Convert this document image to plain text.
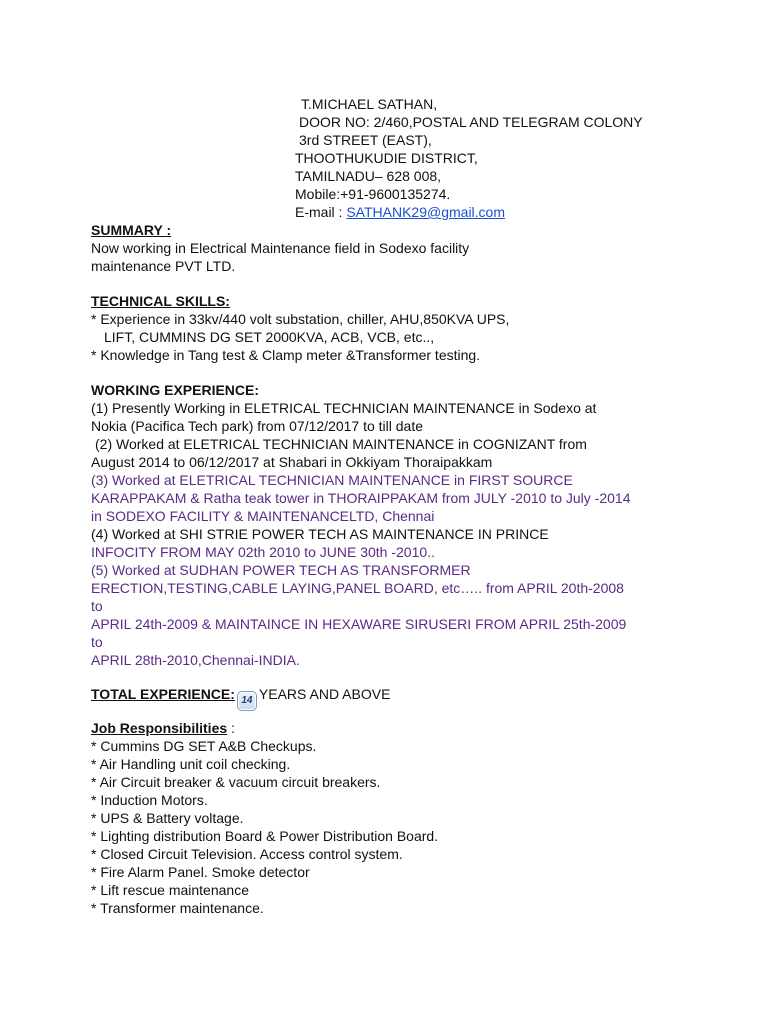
T.MICHAEL SATHAN,
DOOR NO: 2/460,POSTAL AND TELEGRAM COLONY
3rd STREET (EAST),
THOOTHUKUDIE DISTRICT,
TAMILNADU– 628 008,
Mobile:+91-9600135274.
E-mail : SATHANK29@gmail.com
SUMMARY :
Now working in Electrical Maintenance field in Sodexo facility
maintenance PVT LTD.
TECHNICAL SKILLS:
* Experience in 33kv/440 volt substation, chiller, AHU,850KVA UPS,
LIFT, CUMMINS DG SET 2000KVA, ACB, VCB, etc..,
* Knowledge in Tang test & Clamp meter &Transformer testing.
WORKING EXPERIENCE:
(1) Presently Working in ELETRICAL TECHNICIAN MAINTENANCE in Sodexo at
Nokia (Pacifica Tech park) from 07/12/2017 to till date
(2) Worked at ELETRICAL TECHNICIAN MAINTENANCE in COGNIZANT from
August 2014 to 06/12/2017 at Shabari in Okkiyam Thoraipakkam
(3) Worked at ELETRICAL TECHNICIAN MAINTENANCE in FIRST SOURCE
KARAPPAKAM & Ratha teak tower in THORAIPPAKAM from JULY -2010 to July -2014
in SODEXO FACILITY & MAINTENANCELTD, Chennai
(4) Worked at SHI STRIE POWER TECH AS MAINTENANCE IN PRINCE
INFOCITY FROM MAY 02th 2010 to JUNE 30th -2010..
(5) Worked at SUDHAN POWER TECH AS TRANSFORMER
ERECTION,TESTING,CABLE LAYING,PANEL BOARD, etc….. from APRIL 20th-2008
to
APRIL 24th-2009 & MAINTAINCE IN HEXAWARE SIRUSERI FROM APRIL 25th-2009
to
APRIL 28th-2010,Chennai-INDIA.
TOTAL EXPERIENCE: 14 YEARS AND ABOVE
Job Responsibilities :
* Cummins DG SET A&B Checkups.
* Air Handling unit coil checking.
* Air Circuit breaker & vacuum circuit breakers.
* Induction Motors.
* UPS & Battery voltage.
* Lighting distribution Board & Power Distribution Board.
* Closed Circuit Television. Access control system.
* Fire Alarm Panel. Smoke detector
* Lift rescue maintenance
* Transformer maintenance.
